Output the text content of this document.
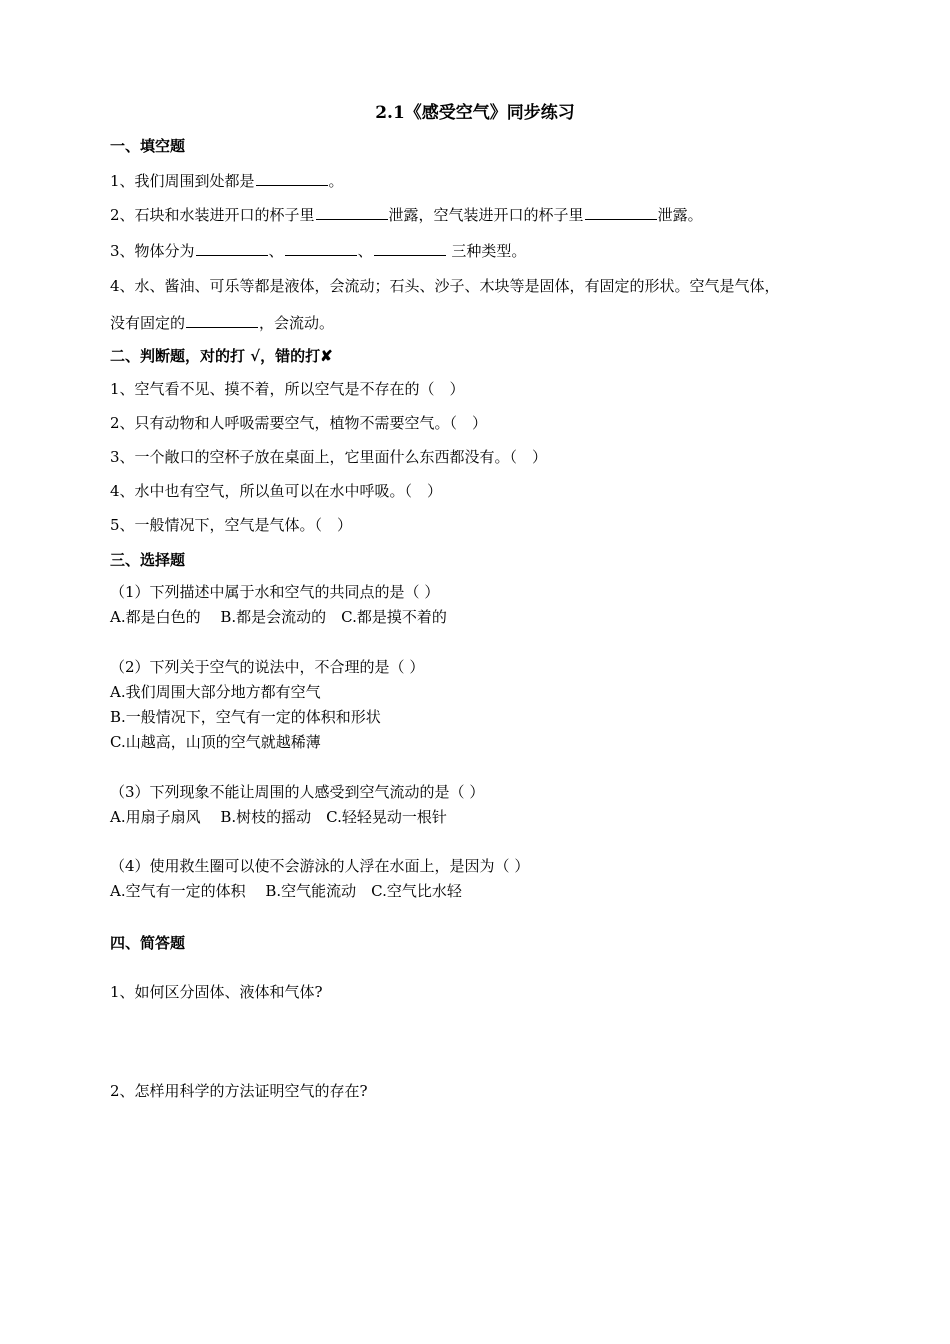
2.1《感受空气》同步练习
一、填空题
1、我们周围到处都是	。
2、石块和水装进开口的杯子里	泄露，空气装进开口的杯子里	泄露。
3、物体分为	、	、	三种类型。
4、水、酱油、可乐等都是液体，会流动；石头、沙子、木块等是固体，有固定的形状。空气是气体，
没有固定的	，会流动。
二、判断题，对的打 √，错的打✘
1、空气看不见、摸不着，所以空气是不存在的（　）
2、只有动物和人呼吸需要空气，植物不需要空气。（　）
3、一个敞口的空杯子放在桌面上，它里面什么东西都没有。（　）
4、水中也有空气，所以鱼可以在水中呼吸。（　）
5、一般情况下，空气是气体。（　）
三、选择题
（1）下列描述中属于水和空气的共同点的是（ ）
A.都是白色的　 B.都是会流动的　C.都是摸不着的
（2）下列关于空气的说法中，不合理的是（ ）
A.我们周围大部分地方都有空气
B.一般情况下，空气有一定的体积和形状
C.山越高，山顶的空气就越稀薄
（3）下列现象不能让周围的人感受到空气流动的是（ ）
A.用扇子扇风　 B.树枝的摇动　C.轻轻晃动一根针
（4）使用救生圈可以使不会游泳的人浮在水面上，是因为（ ）
A.空气有一定的体积　 B.空气能流动　C.空气比水轻
四、简答题
1、如何区分固体、液体和气体?
2、怎样用科学的方法证明空气的存在?
